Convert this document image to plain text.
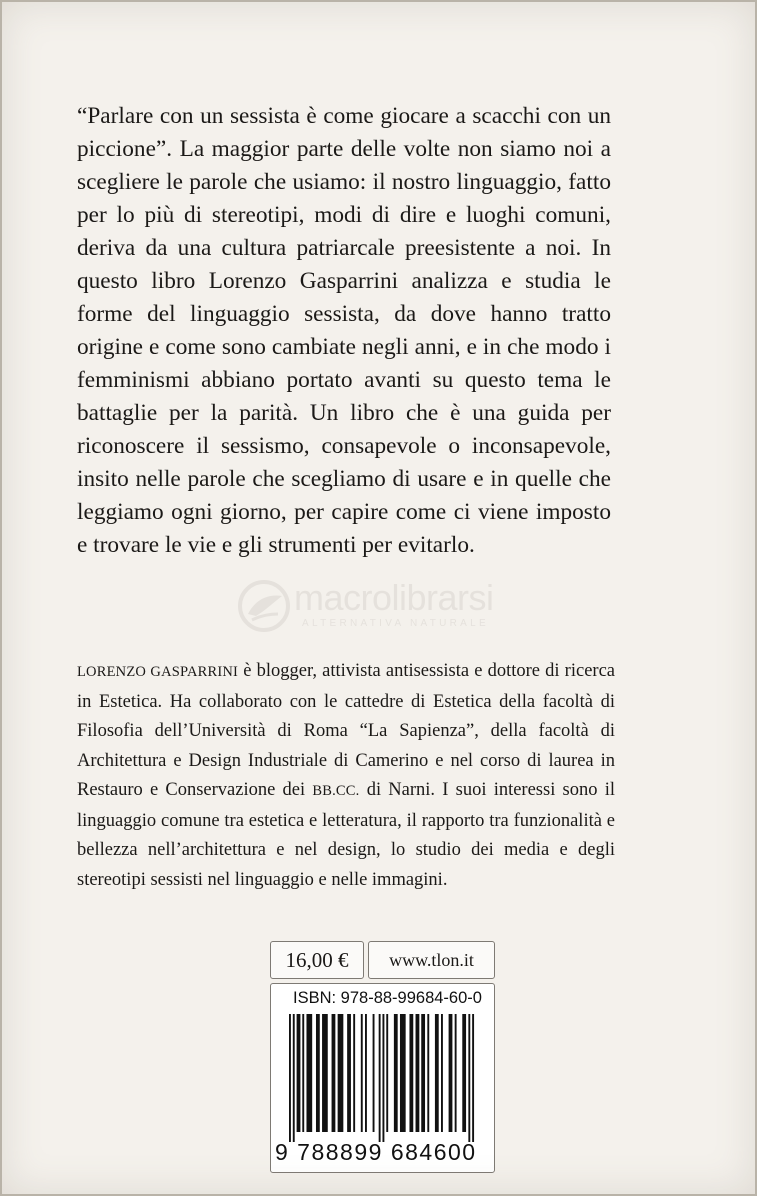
“Parlare con un sessista è come giocare a scacchi con un piccione”. La maggior parte delle volte non siamo noi a scegliere le parole che usiamo: il nostro linguaggio, fatto per lo più di stereotipi, modi di dire e luoghi comuni, deriva da una cultura patriarcale preesistente a noi. In questo libro Lorenzo Gasparrini analizza e studia le forme del linguaggio sessista, da dove hanno tratto origine e come sono cambiate negli anni, e in che modo i femminismi abbiano portato avanti su questo tema le battaglie per la parità. Un libro che è una guida per riconoscere il sessismo, consapevole o inconsapevole, insito nelle parole che scegliamo di usare e in quelle che leggiamo ogni giorno, per capire come ci viene imposto e trovare le vie e gli strumenti per evitarlo.

macrolibrarsi
ALTERNATIVA NATURALE

LORENZO GASPARRINI è blogger, attivista antisessista e dottore di ricerca in Estetica. Ha collaborato con le cattedre di Estetica della facoltà di Filosofia dell’Università di Roma “La Sapienza”, della facoltà di Architettura e Design Industriale di Camerino e nel corso di laurea in Restauro e Conservazione dei BB.CC. di Narni. I suoi interessi sono il linguaggio comune tra estetica e letteratura, il rapporto tra funzionalità e bellezza nell’architettura e nel design, lo studio dei media e degli stereotipi sessisti nel linguaggio e nelle immagini.

16,00 € www.tlon.it
ISBN: 978-88-99684-60-0
9 788899 684600
